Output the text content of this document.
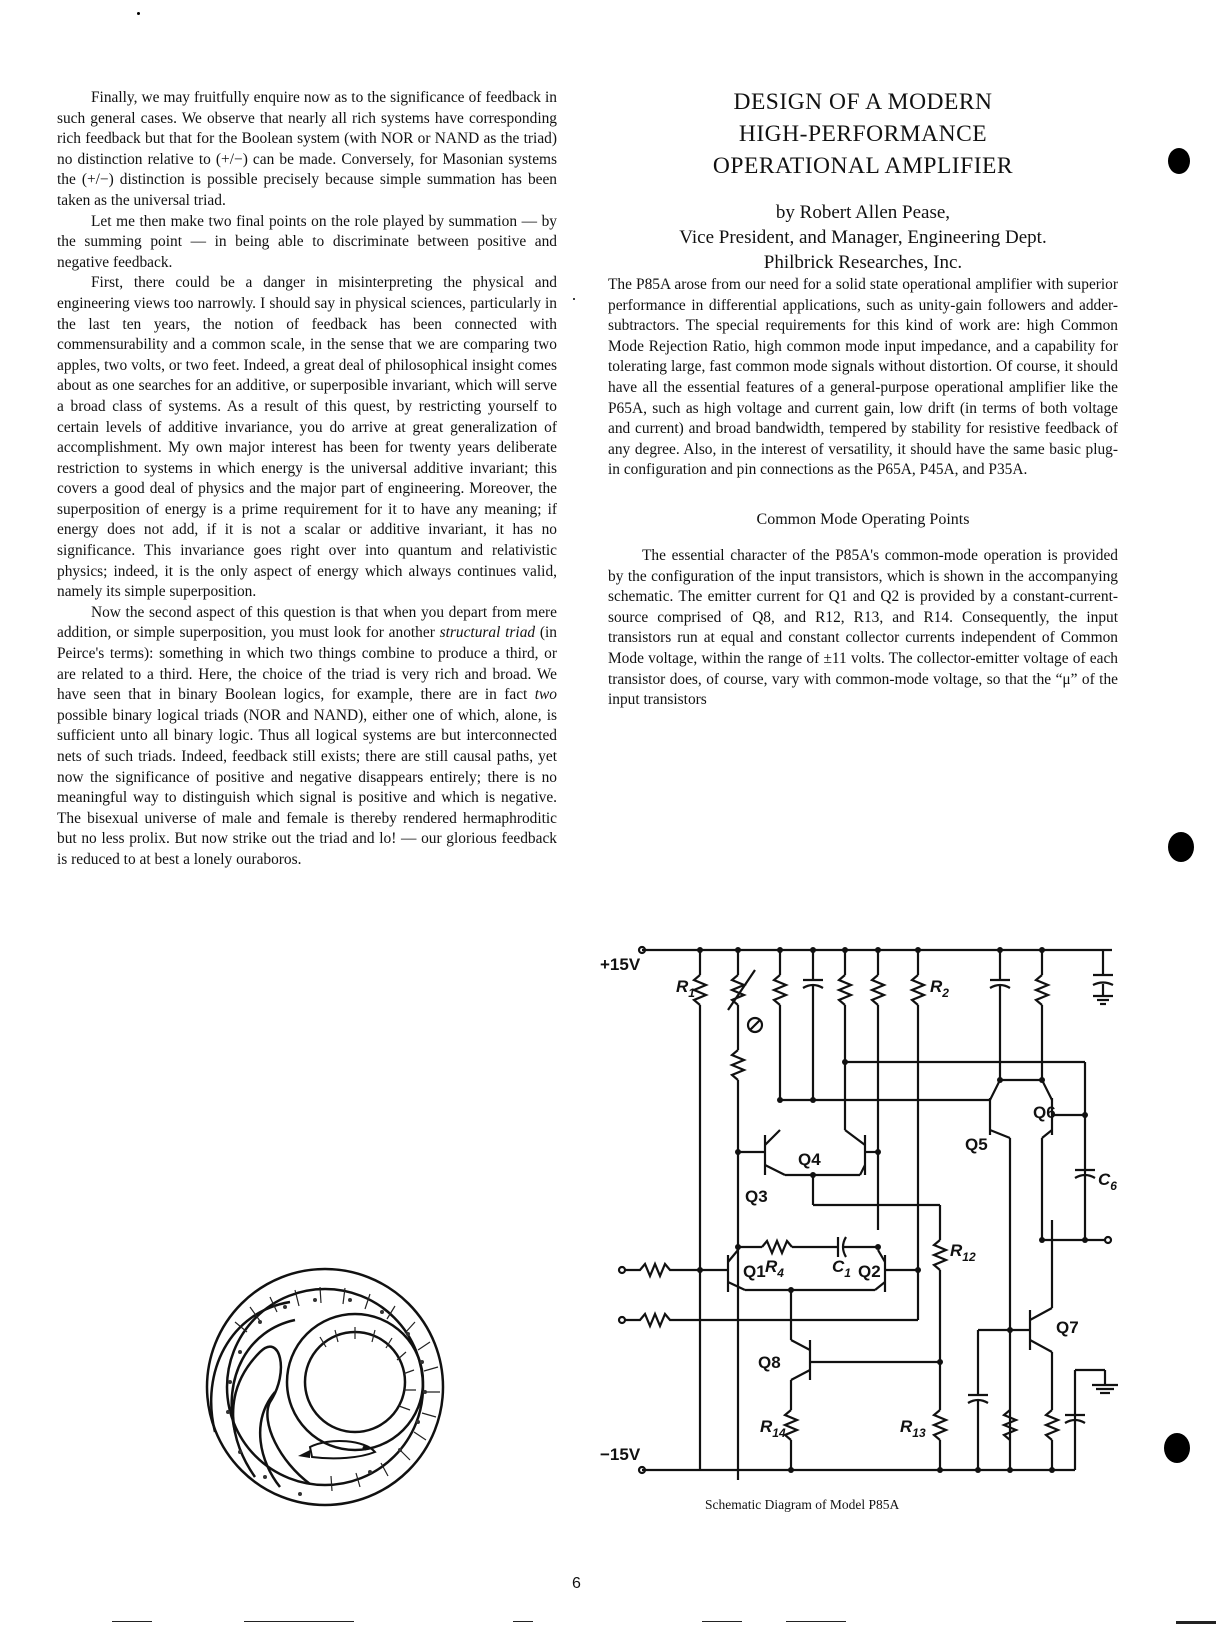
Finally, we may fruitfully enquire now as to the significance of feedback in such general cases. We observe that nearly all rich systems have corresponding rich feedback but that for the Boolean system (with NOR or NAND as the triad) no distinction relative to (+/−) can be made. Conversely, for Masonian systems the (+/−) distinction is possible precisely because simple summation has been taken as the universal triad.

Let me then make two final points on the role played by summation — by the summing point — in being able to discriminate between positive and negative feedback.

First, there could be a danger in misinterpreting the physical and engineering views too narrowly. I should say in physical sciences, particularly in the last ten years, the notion of feedback has been connected with commensurability and a common scale, in the sense that we are comparing two apples, two volts, or two feet. Indeed, a great deal of philosophical insight comes about as one searches for an additive, or superposible invariant, which will serve a broad class of systems. As a result of this quest, by restricting yourself to certain levels of additive invariance, you do arrive at great generalization of accomplishment. My own major interest has been for twenty years deliberate restriction to systems in which energy is the universal additive invariant; this covers a good deal of physics and the major part of engineering. Moreover, the superposition of energy is a prime requirement for it to have any meaning; if energy does not add, if it is not a scalar or additive invariant, it has no significance. This invariance goes right over into quantum and relativistic physics; indeed, it is the only aspect of energy which always continues valid, namely its simple superposition.

Now the second aspect of this question is that when you depart from mere addition, or simple superposition, you must look for another structural triad (in Peirce's terms): something in which two things combine to produce a third, or are related to a third. Here, the choice of the triad is very rich and broad. We have seen that in binary Boolean logics, for example, there are in fact two possible binary logical triads (NOR and NAND), either one of which, alone, is sufficient unto all binary logic. Thus all logical systems are but interconnected nets of such triads. Indeed, feedback still exists; there are still causal paths, yet now the significance of positive and negative disappears entirely; there is no meaningful way to distinguish which signal is positive and which is negative. The bisexual universe of male and female is thereby rendered hermaphroditic but no less prolix. But now strike out the triad and lo! — our glorious feedback is reduced to at best a lonely ouraboros.

DESIGN OF A MODERN
HIGH-PERFORMANCE
OPERATIONAL AMPLIFIER
by Robert Allen Pease,
Vice President, and Manager, Engineering Dept.
Philbrick Researches, Inc.

The P85A arose from our need for a solid state operational amplifier with superior performance in differential applications, such as unity-gain followers and adder-subtractors. The special requirements for this kind of work are: high Common Mode Rejection Ratio, high common mode input impedance, and a capability for tolerating large, fast common mode signals without distortion. Of course, it should have all the essential features of a general-purpose operational amplifier like the P65A, such as high voltage and current gain, low drift (in terms of both voltage and current) and broad bandwidth, tempered by stability for resistive feedback of any degree. Also, in the interest of versatility, it should have the same basic plug-in configuration and pin connections as the P65A, P45A, and P35A.

Common Mode Operating Points

The essential character of the P85A's common-mode operation is provided by the configuration of the input transistors, which is shown in the accompanying schematic. The emitter current for Q1 and Q2 is provided by a constant-current-source comprised of Q8, and R12, R13, and R14. Consequently, the input transistors run at equal and constant collector currents independent of Common Mode voltage, within the range of ±11 volts. The collector-emitter voltage of each transistor does, of course, vary with common-mode voltage, so that the “μ” of the input transistors

+15V
−15V
Q4
Q3
Q5
Q6
Q1	Q2
Q8
Q7
$R_1$	$R_2$
$R_4$	$C_1$
$R_{12}$
$R_{14}$	$R_{13}$
$C_6$
Schematic Diagram of Model P85A
6
